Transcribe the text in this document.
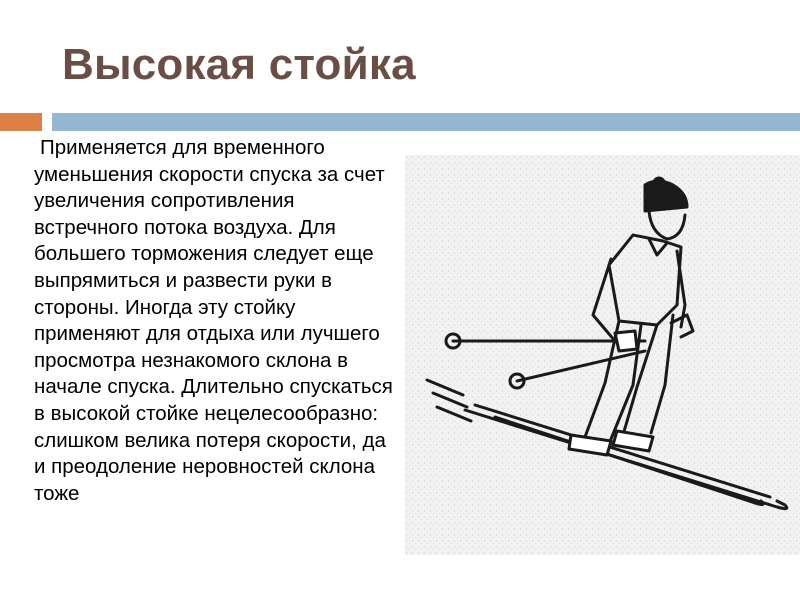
Высокая стойка

Применяется для временного уменьшения скорости спуска за счет увеличения сопротивления встречного потока воздуха. Для большего торможения следует еще выпрямиться и развести руки в стороны. Иногда эту стойку применяют для отдыха или лучшего просмотра незнакомого склона в начале спуска. Длительно спускаться в высокой стойке нецелесообразно: слишком велика потеря скорости, да и преодоление неровностей склона тоже
